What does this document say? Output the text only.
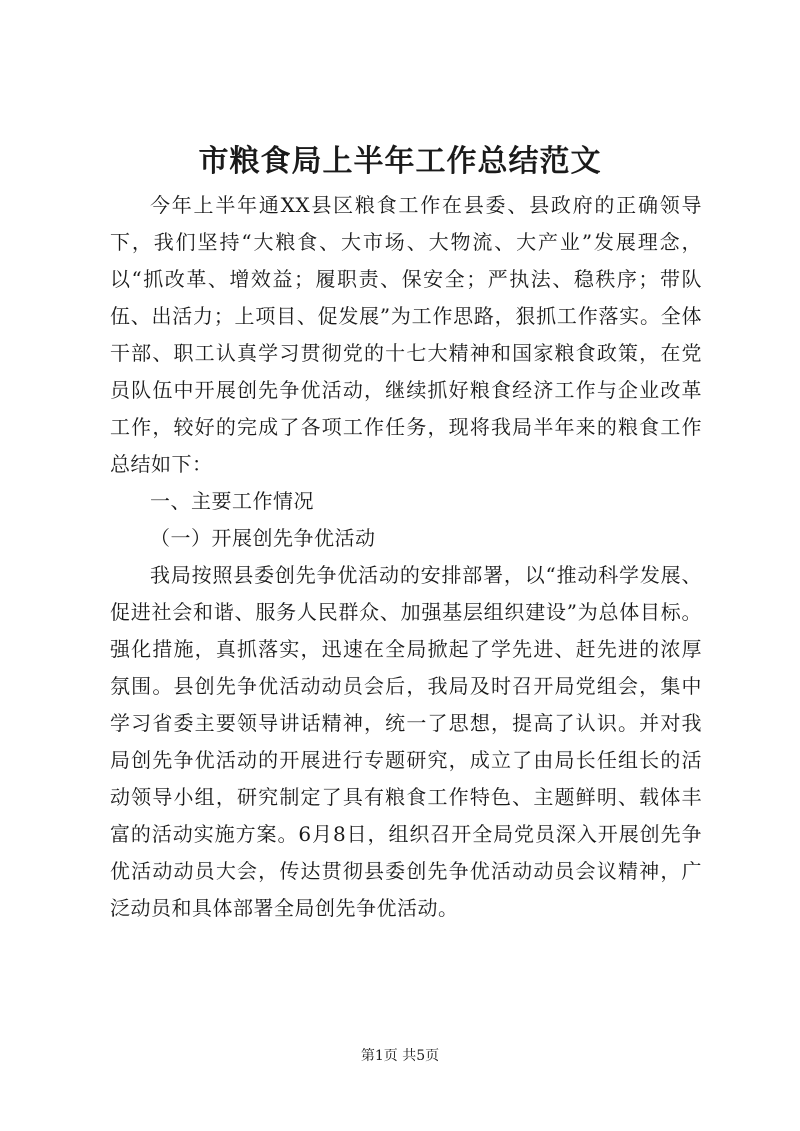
市粮食局上半年工作总结范文

今年上半年通XX县区粮食工作在县委、县政府的正确领导下，我们坚持“大粮食、大市场、大物流、大产业”发展理念，以“抓改革、增效益；履职责、保安全；严执法、稳秩序；带队伍、出活力；上项目、促发展”为工作思路，狠抓工作落实。全体干部、职工认真学习贯彻党的十七大精神和国家粮食政策，在党员队伍中开展创先争优活动，继续抓好粮食经济工作与企业改革工作，较好的完成了各项工作任务，现将我局半年来的粮食工作总结如下：

一、主要工作情况

（一）开展创先争优活动

我局按照县委创先争优活动的安排部署，以“推动科学发展、促进社会和谐、服务人民群众、加强基层组织建设”为总体目标。强化措施，真抓落实，迅速在全局掀起了学先进、赶先进的浓厚氛围。县创先争优活动动员会后，我局及时召开局党组会，集中学习省委主要领导讲话精神，统一了思想，提高了认识。并对我局创先争优活动的开展进行专题研究，成立了由局长任组长的活动领导小组，研究制定了具有粮食工作特色、主题鲜明、载体丰富的活动实施方案。6月8日，组织召开全局党员深入开展创先争优活动动员大会，传达贯彻县委创先争优活动动员会议精神，广泛动员和具体部署全局创先争优活动。

第1页 共5页
